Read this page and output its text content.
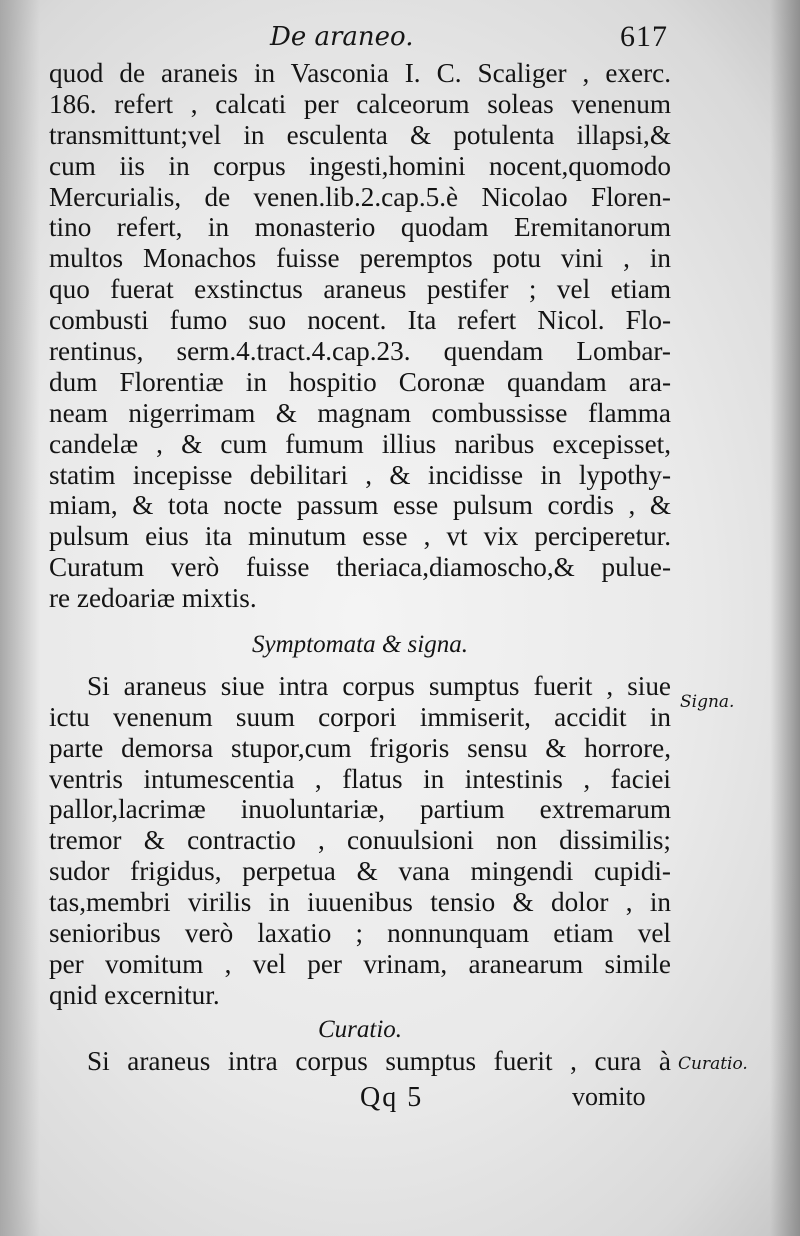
De araneo.	617
quod de araneis in Vasconia I. C. Scaliger , exerc.
186. refert , calcati per calceorum soleas venenum
transmittunt;vel in esculenta & potulenta illapsi,&
cum iis in corpus ingesti,homini nocent,quomodo
Mercurialis, de venen.lib.2.cap.5.è Nicolao Floren-
tino refert, in monasterio quodam Eremitanorum
multos Monachos fuisse peremptos potu vini , in
quo fuerat exstinctus araneus pestifer ; vel etiam
combusti fumo suo nocent. Ita refert Nicol. Flo-
rentinus, serm.4.tract.4.cap.23. quendam Lombar-
dum Florentiæ in hospitio Coronæ quandam ara-
neam nigerrimam & magnam combussisse flamma
candelæ , & cum fumum illius naribus excepisset,
statim incepisse debilitari , & incidisse in lypothy-
miam, & tota nocte passum esse pulsum cordis , &
pulsum eius ita minutum esse , vt vix perciperetur.
Curatum verò fuisse theriaca,diamoscho,& pulue-
re zedoariæ mixtis.
Symptomata & signa.
Si araneus siue intra corpus sumptus fuerit , siue
ictu venenum suum corpori immiserit, accidit in
parte demorsa stupor,cum frigoris sensu & horrore,
ventris intumescentia , flatus in intestinis , faciei
pallor,lacrimæ inuoluntariæ, partium extremarum
tremor & contractio , conuulsioni non dissimilis;
sudor frigidus, perpetua & vana mingendi cupidi-
tas,membri virilis in iuuenibus tensio & dolor , in
senioribus verò laxatio ; nonnunquam etiam vel
per vomitum , vel per vrinam, aranearum simile
qnid excernitur.
Curatio.
Si araneus intra corpus sumptus fuerit , cura à
Signa.
Curatio.
Qq 5	vomito
